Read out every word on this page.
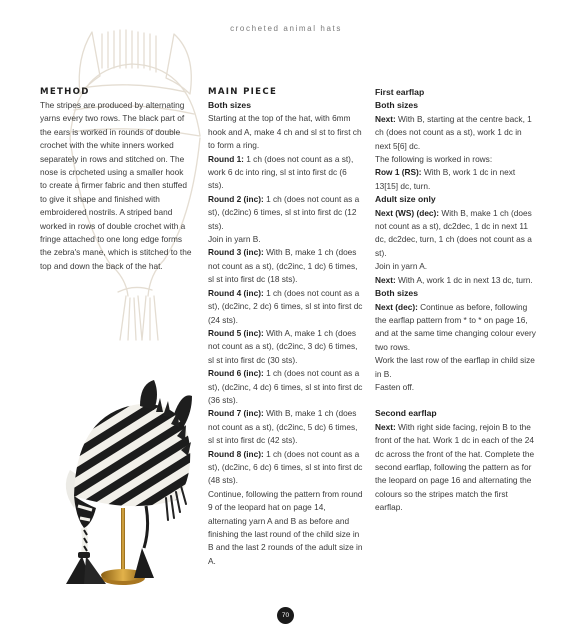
crocheted animal hats
METHOD

The stripes are produced by alternating yarns every two rows. The black part of the ears is worked in rounds of double crochet with the white inners worked separately in rows and stitched on. The nose is crocheted using a smaller hook to create a firmer fabric and then stuffed to give it shape and finished with embroidered nostrils. A striped band worked in rows of double crochet with a fringe attached to one long edge forms the zebra's mane, which is stitched to the top and down the back of the hat.

MAIN PIECE
Both sizes

Starting at the top of the hat, with 6mm hook and A, make 4 ch and sl st to first ch to form a ring.

Round 1: 1 ch (does not count as a st), work 6 dc into ring, sl st into first dc (6 sts).

Round 2 (inc): 1 ch (does not count as a st), (dc2inc) 6 times, sl st into first dc (12 sts).

Join in yarn B.

Round 3 (inc): With B, make 1 ch (does not count as a st), (dc2inc, 1 dc) 6 times, sl st into first dc (18 sts).

Round 4 (inc): 1 ch (does not count as a st), (dc2inc, 2 dc) 6 times, sl st into first dc (24 sts).

Round 5 (inc): With A, make 1 ch (does not count as a st), (dc2inc, 3 dc) 6 times, sl st into first dc (30 sts).

Round 6 (inc): 1 ch (does not count as a st), (dc2inc, 4 dc) 6 times, sl st into first dc (36 sts).

Round 7 (inc): With B, make 1 ch (does not count as a st), (dc2inc, 5 dc) 6 times, sl st into first dc (42 sts).

Round 8 (inc): 1 ch (does not count as a st), (dc2inc, 6 dc) 6 times, sl st into first dc (48 sts).

Continue, following the pattern from round 9 of the leopard hat on page 14, alternating yarn A and B as before and finishing the last round of the child size in B and the last 2 rounds of the adult size in A.

First earflap
Both sizes

Next: With B, starting at the centre back, 1 ch (does not count as a st), work 1 dc in next 5[6] dc.

The following is worked in rows:

Row 1 (RS): With B, work 1 dc in next 13[15] dc, turn.

Adult size only

Next (WS) (dec): With B, make 1 ch (does not count as a st), dc2dec, 1 dc in next 11 dc, dc2dec, turn, 1 ch (does not count as a st).

Join in yarn A.

Next: With A, work 1 dc in next 13 dc, turn.

Both sizes

Next (dec): Continue as before, following the earflap pattern from * to * on page 16, and at the same time changing colour every two rows.

Work the last row of the earflap in child size in B.

Fasten off.

Second earflap

Next: With right side facing, rejoin B to the front of the hat. Work 1 dc in each of the 24 dc across the front of the hat. Complete the second earflap, following the pattern as for the leopard on page 16 and alternating the colours so the stripes match the first earflap.

70
